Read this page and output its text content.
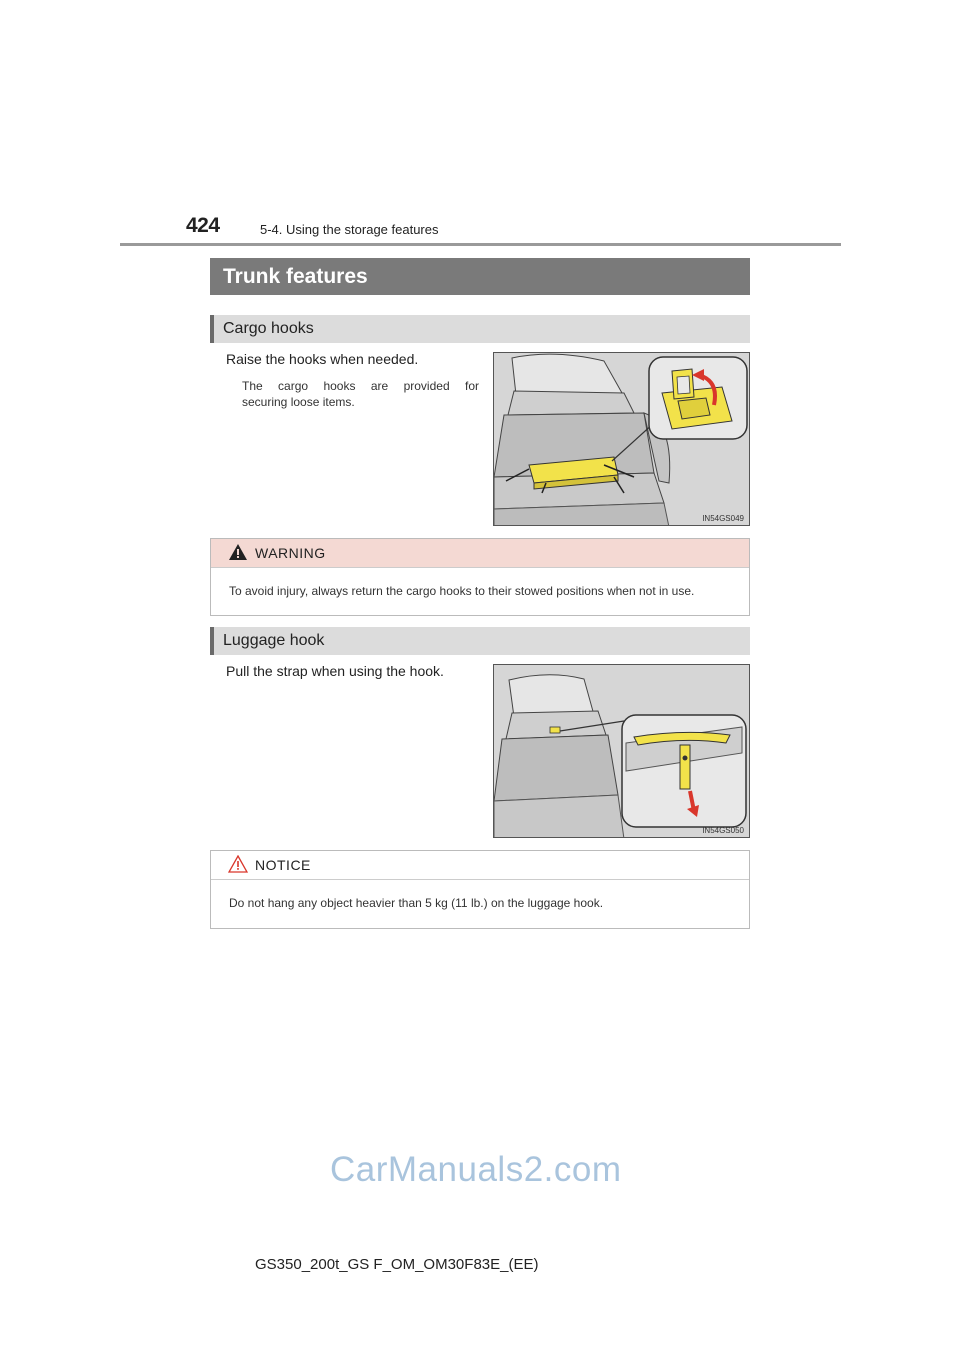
424	5-4. Using the storage features
Trunk features
Cargo hooks
Raise the hooks when needed.
The cargo hooks are provided for
securing loose items.
IN54GS049
WARNING
To avoid injury, always return the cargo hooks to their stowed positions when not in use.
Luggage hook
Pull the strap when using the hook.
IN54GS050
NOTICE
Do not hang any object heavier than 5 kg (11 lb.) on the luggage hook.
CarManuals2.com
GS350_200t_GS F_OM_OM30F83E_(EE)
